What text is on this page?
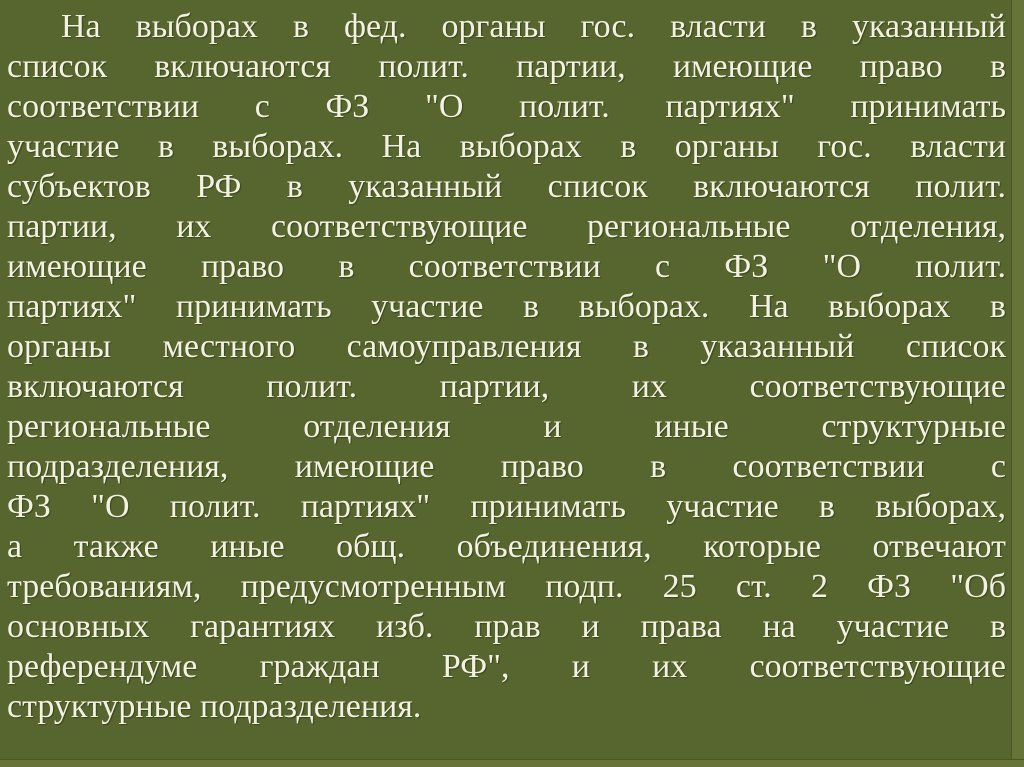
На выборах в фед. органы гос. власти в указанный
список включаются полит. партии, имеющие право в
соответствии с ФЗ "О полит. партиях" принимать
участие в выборах. На выборах в органы гос. власти
субъектов РФ в указанный список включаются полит.
партии, их соответствующие региональные отделения,
имеющие право в соответствии с ФЗ "О полит.
партиях" принимать участие в выборах. На выборах в
органы местного самоуправления в указанный список
включаются полит. партии, их соответствующие
региональные отделения и иные структурные
подразделения, имеющие право в соответствии с
ФЗ "О полит. партиях" принимать участие в выборах,
а также иные общ. объединения, которые отвечают
требованиям, предусмотренным подп. 25 ст. 2 ФЗ "Об
основных гарантиях изб. прав и права на участие в
референдуме граждан РФ", и их соответствующие
структурные подразделения.
